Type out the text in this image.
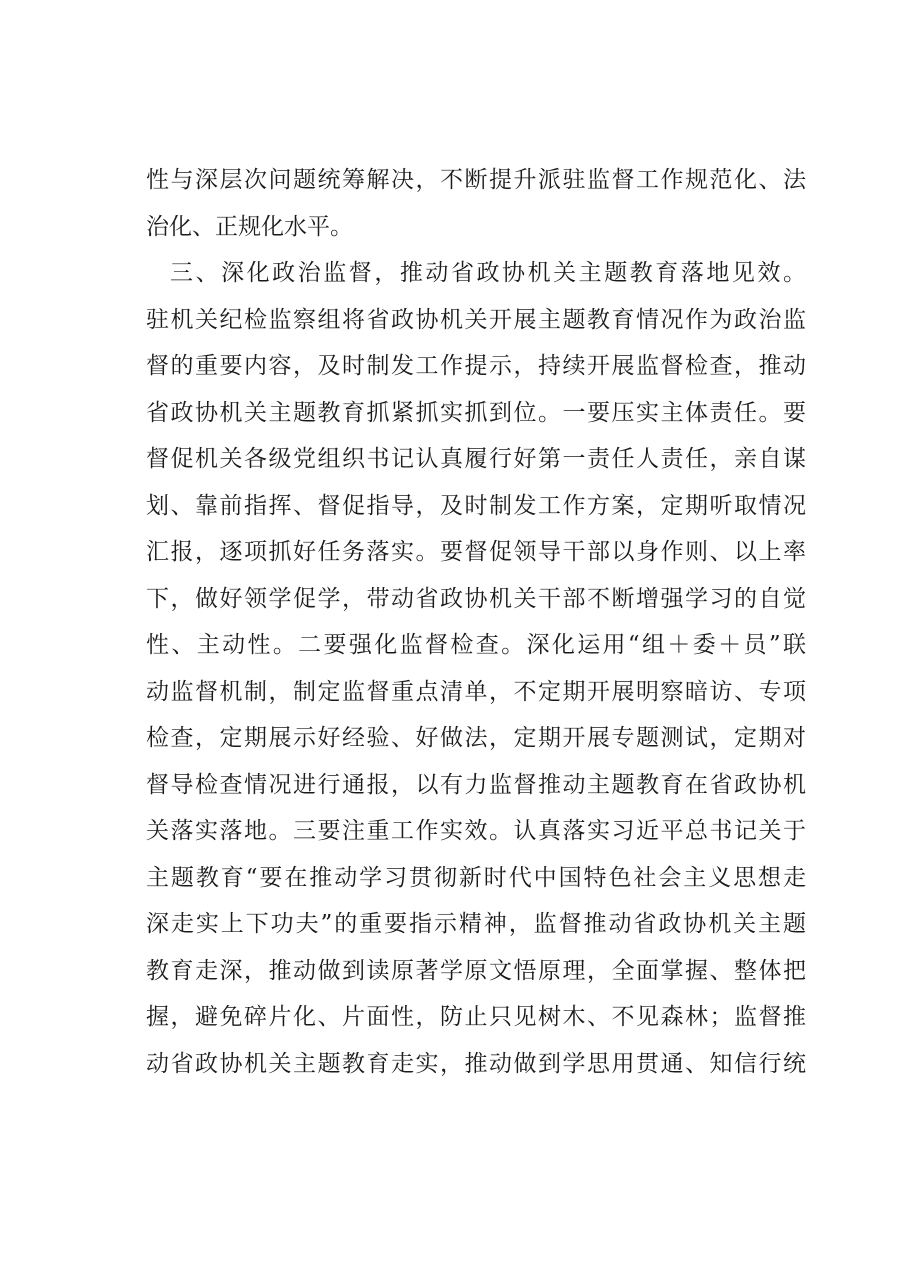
性与深层次问题统筹解决，不断提升派驻监督工作规范化、法
治化、正规化水平。
三、深化政治监督，推动省政协机关主题教育落地见效。
驻机关纪检监察组将省政协机关开展主题教育情况作为政治监
督的重要内容，及时制发工作提示，持续开展监督检查，推动
省政协机关主题教育抓紧抓实抓到位。一要压实主体责任。要
督促机关各级党组织书记认真履行好第一责任人责任，亲自谋
划、靠前指挥、督促指导，及时制发工作方案，定期听取情况
汇报，逐项抓好任务落实。要督促领导干部以身作则、以上率
下，做好领学促学，带动省政协机关干部不断增强学习的自觉
性、主动性。二要强化监督检查。深化运用“组＋委＋员”联
动监督机制，制定监督重点清单，不定期开展明察暗访、专项
检查，定期展示好经验、好做法，定期开展专题测试，定期对
督导检查情况进行通报，以有力监督推动主题教育在省政协机
关落实落地。三要注重工作实效。认真落实习近平总书记关于
主题教育“要在推动学习贯彻新时代中国特色社会主义思想走
深走实上下功夫”的重要指示精神，监督推动省政协机关主题
教育走深，推动做到读原著学原文悟原理，全面掌握、整体把
握，避免碎片化、片面性，防止只见树木、不见森林；监督推
动省政协机关主题教育走实，推动做到学思用贯通、知信行统
